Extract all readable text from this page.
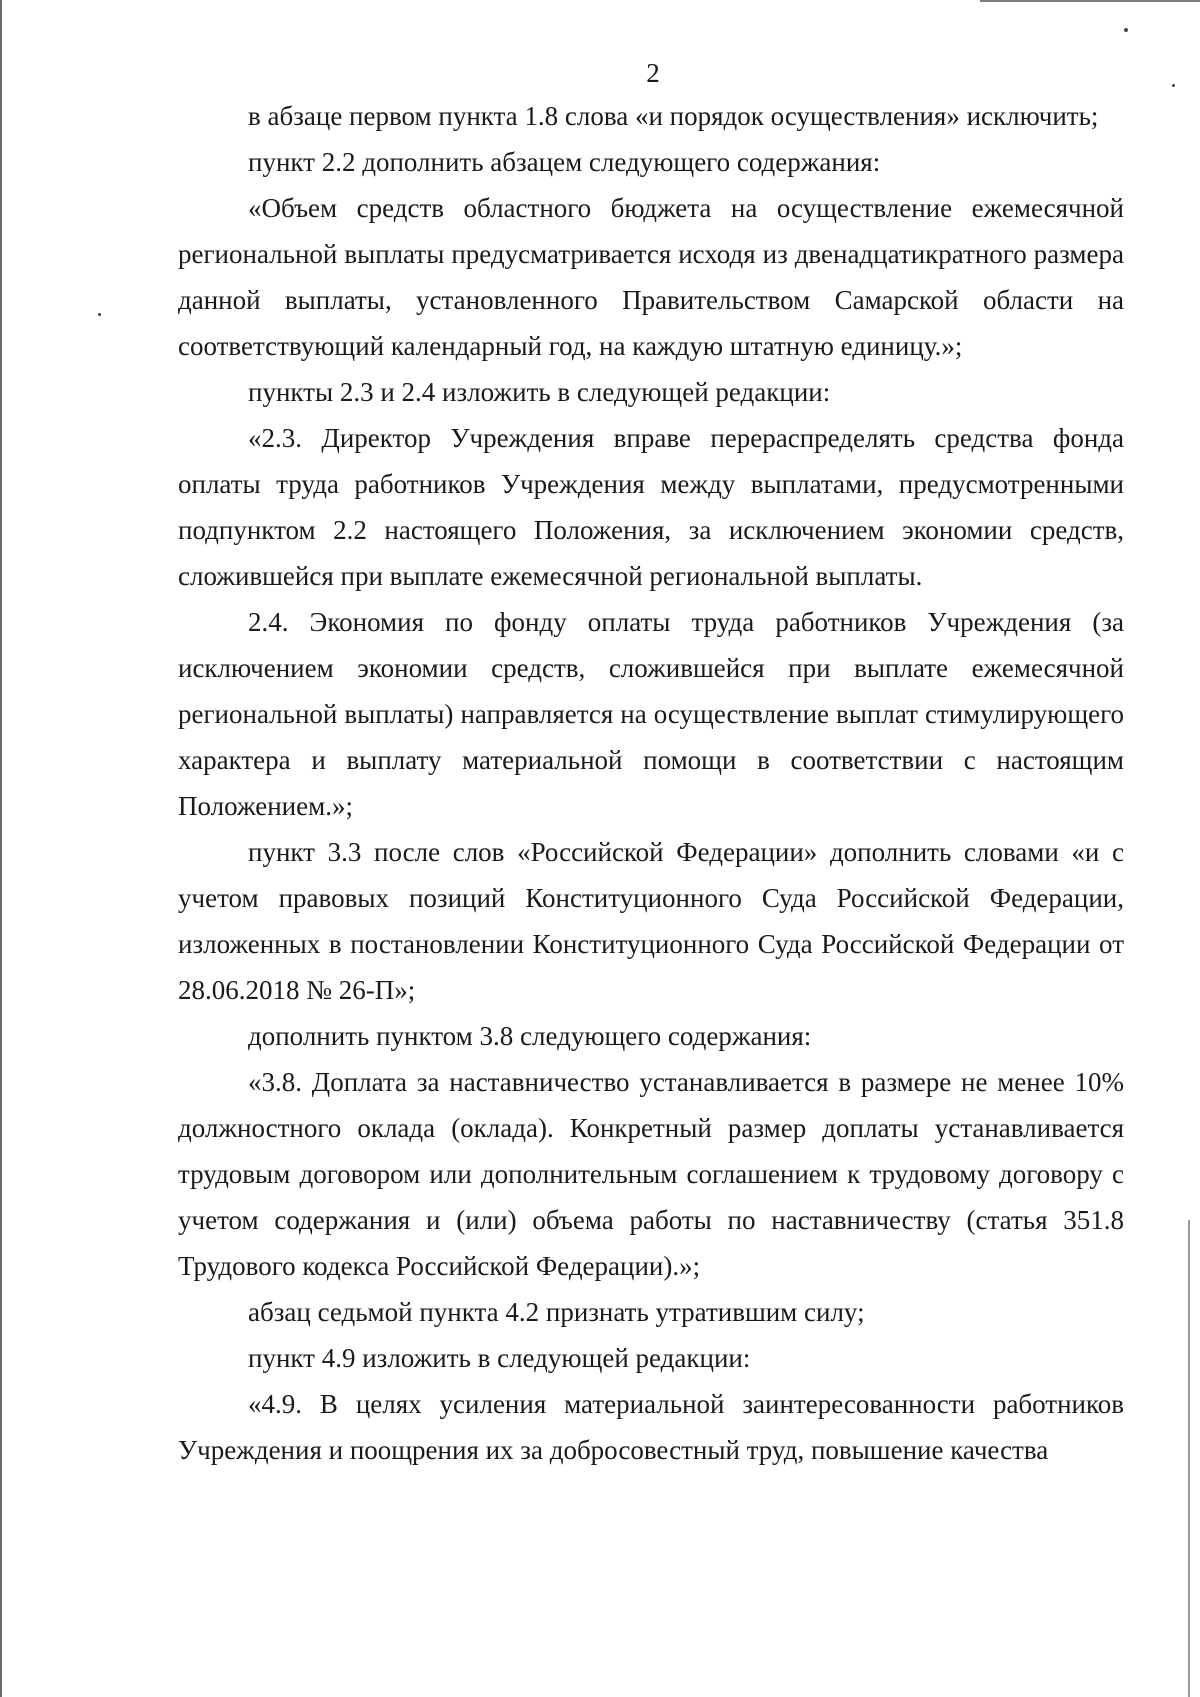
2

в абзаце первом пункта 1.8 слова «и порядок осуществления» исключить;

пункт 2.2 дополнить абзацем следующего содержания:

«Объем средств областного бюджета на осуществление ежемесячной региональной выплаты предусматривается исходя из двенадцатикратного размера данной выплаты, установленного Правительством Самарской области на соответствующий календарный год, на каждую штатную единицу.»;

пункты 2.3 и 2.4 изложить в следующей редакции:

«2.3. Директор Учреждения вправе перераспределять средства фонда оплаты труда работников Учреждения между выплатами, предусмотренными подпунктом 2.2 настоящего Положения, за исключением экономии средств, сложившейся при выплате ежемесячной региональной выплаты.

2.4. Экономия по фонду оплаты труда работников Учреждения (за исключением экономии средств, сложившейся при выплате ежемесячной региональной выплаты) направляется на осуществление выплат стимулирующего характера и выплату материальной помощи в соответствии с настоящим Положением.»;

пункт 3.3 после слов «Российской Федерации» дополнить словами «и с учетом правовых позиций Конституционного Суда Российской Федерации, изложенных в постановлении Конституционного Суда Российской Федерации от 28.06.2018 № 26-П»;

дополнить пунктом 3.8 следующего содержания:

«3.8. Доплата за наставничество устанавливается в размере не менее 10% должностного оклада (оклада). Конкретный размер доплаты устанавливается трудовым договором или дополнительным соглашением к трудовому договору с учетом содержания и (или) объема работы по наставничеству (статья 351.8 Трудового кодекса Российской Федерации).»;

абзац седьмой пункта 4.2 признать утратившим силу;

пункт 4.9 изложить в следующей редакции:

«4.9. В целях усиления материальной заинтересованности работников Учреждения и поощрения их за добросовестный труд, повышение качества
